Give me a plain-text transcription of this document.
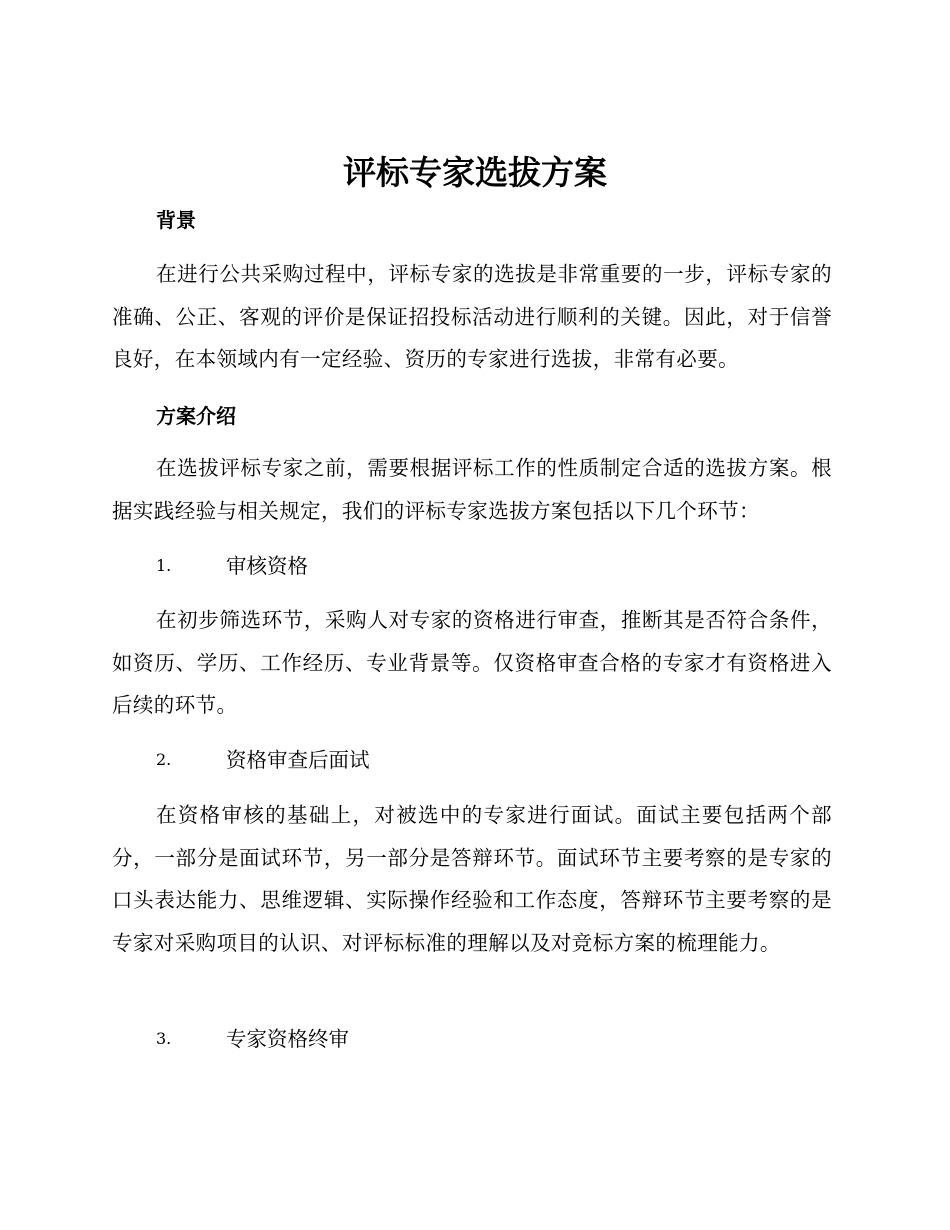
评标专家选拔方案
背景

在进行公共采购过程中，评标专家的选拔是非常重要的一步，评标专家的准确、公正、客观的评价是保证招投标活动进行顺利的关键。因此，对于信誉良好，在本领域内有一定经验、资历的专家进行选拔，非常有必要。

方案介绍

在选拔评标专家之前，需要根据评标工作的性质制定合适的选拔方案。根据实践经验与相关规定，我们的评标专家选拔方案包括以下几个环节：

1.	审核资格

在初步筛选环节，采购人对专家的资格进行审查，推断其是否符合条件，如资历、学历、工作经历、专业背景等。仅资格审查合格的专家才有资格进入后续的环节。

2.	资格审查后面试

在资格审核的基础上，对被选中的专家进行面试。面试主要包括两个部分，一部分是面试环节，另一部分是答辩环节。面试环节主要考察的是专家的口头表达能力、思维逻辑、实际操作经验和工作态度，答辩环节主要考察的是专家对采购项目的认识、对评标标准的理解以及对竞标方案的梳理能力。

3.	专家资格终审
